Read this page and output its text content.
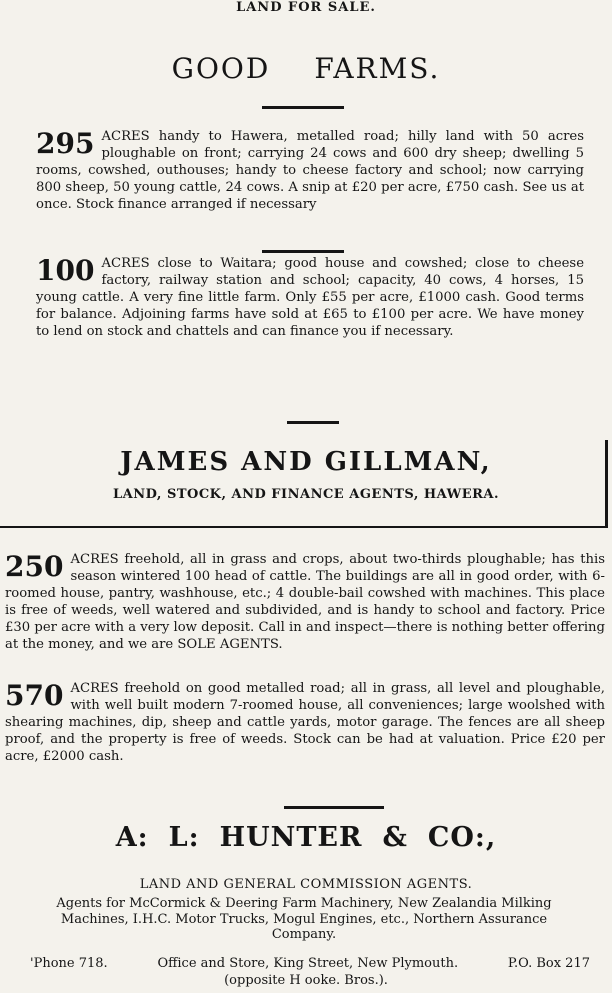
LAND FOR SALE.
GOOD FARMS.
295 ACRES handy to Hawera, metalled road; hilly land with 50 acres ploughable on front; carrying 24 cows and 600 dry sheep; dwelling 5 rooms, cowshed, outhouses; handy to cheese factory and school; now carrying 800 sheep, 50 young cattle, 24 cows. A snip at £20 per acre, £750 cash. See us at once. Stock finance arranged if necessary
100 ACRES close to Waitara; good house and cowshed; close to cheese factory, railway station and school; capacity, 40 cows, 4 horses, 15 young cattle. A very fine little farm. Only £55 per acre, £1000 cash. Good terms for balance. Adjoining farms have sold at £65 to £100 per acre. We have money to lend on stock and chattels and can finance you if necessary.
JAMES AND GILLMAN,
LAND, STOCK, AND FINANCE AGENTS, HAWERA.
250 ACRES freehold, all in grass and crops, about two-thirds ploughable; has this season wintered 100 head of cattle. The buildings are all in good order, with 6-roomed house, pantry, washhouse, etc.; 4 double-bail cowshed with machines. This place is free of weeds, well watered and subdivided, and is handy to school and factory. Price £30 per acre with a very low deposit. Call in and inspect—there is nothing better offering at the money, and we are SOLE AGENTS.
570 ACRES freehold on good metalled road; all in grass, all level and ploughable, with well built modern 7-roomed house, all conveniences; large woolshed with shearing machines, dip, sheep and cattle yards, motor garage. The fences are all sheep proof, and the property is free of weeds. Stock can be had at valuation. Price £20 per acre, £2000 cash.
A: L: HUNTER & CO:,
LAND AND GENERAL COMMISSION AGENTS.
Agents for McCormick & Deering Farm Machinery, New Zealandia Milking Machines, I.H.C. Motor Trucks, Mogul Engines, etc., Northern Assurance Company.
'Phone 718.	Office and Store, King Street, New Plymouth.	P.O. Box 217
(opposite H ooke. Bros.).
